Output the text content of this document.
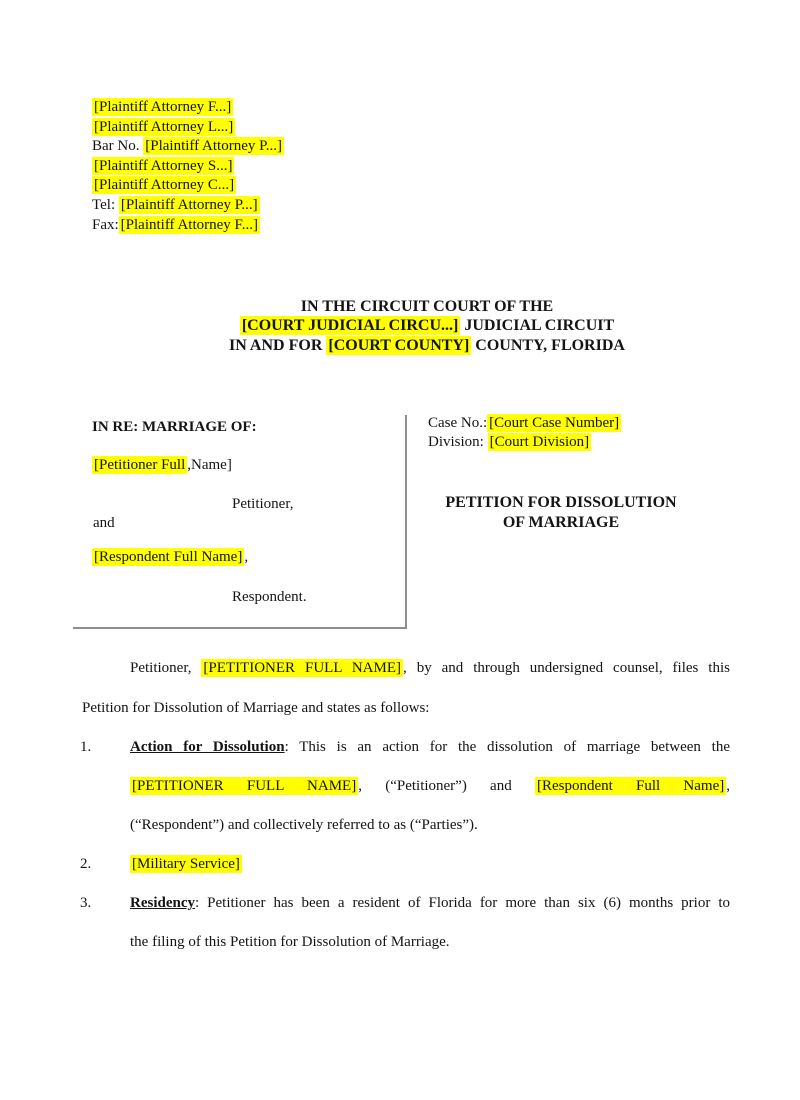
[Plaintiff Attorney F...]
[Plaintiff Attorney L...]
Bar No. [Plaintiff Attorney P...]
[Plaintiff Attorney S...]
[Plaintiff Attorney C...]
Tel: [Plaintiff Attorney P...]
Fax: [Plaintiff Attorney F...]
IN THE CIRCUIT COURT OF THE
[COURT JUDICIAL CIRCU...] JUDICIAL CIRCUIT
IN AND FOR [COURT COUNTY] COUNTY, FLORIDA
IN RE: MARRIAGE OF:
[Petitioner Full ,Name]
Petitioner,
and
[Respondent Full Name] ,
Respondent.
Case No.: [Court Case Number]
Division: [Court Division]
PETITION FOR DISSOLUTION
OF MARRIAGE
Petitioner, [PETITIONER FULL NAME] , by and through undersigned counsel, files this
Petition for Dissolution of Marriage and states as follows:
1.	Action for Dissolution: This is an action for the dissolution of marriage between the
[PETITIONER FULL NAME] , (“Petitioner”) and [Respondent Full Name] ,
(“Respondent”) and collectively referred to as (“Parties”).
2.	[Military Service]
3.	Residency: Petitioner has been a resident of Florida for more than six (6) months prior to
the filing of this Petition for Dissolution of Marriage.
